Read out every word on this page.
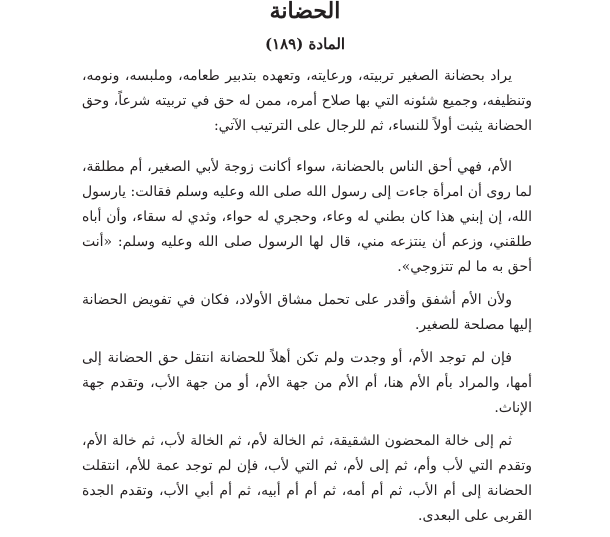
الحضانة
المادة (١٨٩)

يراد بحضانة الصغير تربيته، ورعايته، وتعهده بتدبير طعامه، وملبسه، ونومه، وتنظيفه، وجميع شئونه التي بها صلاح أمره، ممن له حق في تربيته شرعاً، وحق الحضانة يثبت أولاً للنساء، ثم للرجال على الترتيب الآتي:

الأم، فهي أحق الناس بالحضانة، سواء أكانت زوجة لأبي الصغير، أم مطلقة، لما روى أن امرأة جاءت إلى رسول الله صلى الله وعليه وسلم فقالت: يارسول الله، إن إبني هذا كان بطني له وعاء، وحجري له حواء، وثدي له سقاء، وأن أباه طلقني، وزعم أن ينتزعه مني، قال لها الرسول صلى الله وعليه وسلم: «أنت أحق به ما لم تتزوجي».

ولأن الأم أشفق وأقدر على تحمل مشاق الأولاد، فكان في تفويض الحضانة إليها مصلحة للصغير.

فإن لم توجد الأم، أو وجدت ولم تكن أهلاً للحضانة انتقل حق الحضانة إلى أمها، والمراد بأم الأم هنا، أم الأم من جهة الأم، أو من جهة الأب، وتقدم جهة الإناث.

ثم إلى خالة المحضون الشقيقة، ثم الخالة لأم، ثم الخالة لأب، ثم خالة الأم، وتقدم التي لأب وأم، ثم إلى لأم، ثم التي لأب، فإن لم توجد عمة للأم، انتقلت الحضانة إلى أم الأب، ثم أم أمه، ثم أم أم أبيه، ثم أم أبي الأب، وتقدم الجدة القربى على البعدى.
